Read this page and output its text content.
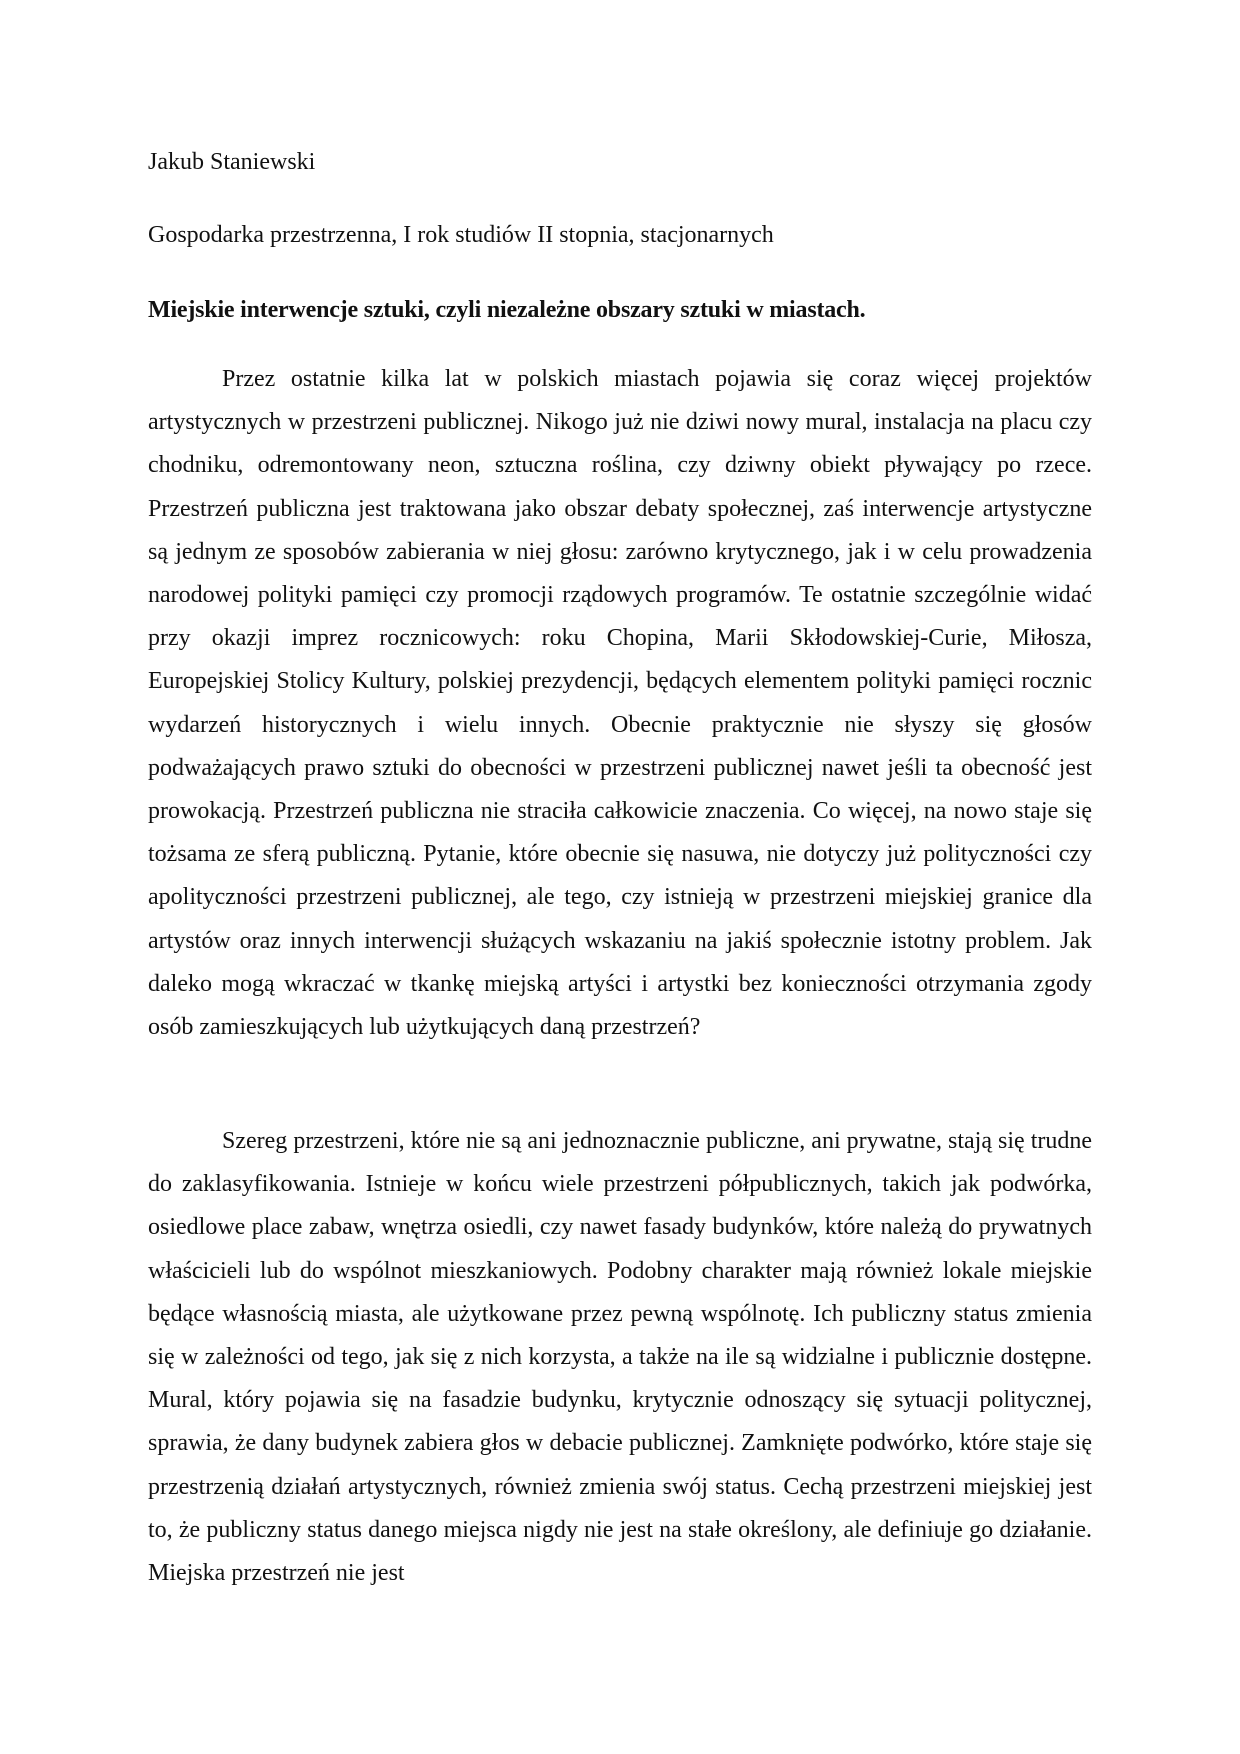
Jakub Staniewski
Gospodarka przestrzenna, I rok studiów II stopnia, stacjonarnych
Miejskie interwencje sztuki, czyli niezależne obszary sztuki w miastach.

Przez ostatnie kilka lat w polskich miastach pojawia się coraz więcej projektów artystycznych w przestrzeni publicznej. Nikogo już nie dziwi nowy mural, instalacja na placu czy chodniku, odremontowany neon, sztuczna roślina, czy dziwny obiekt pływający po rzece. Przestrzeń publiczna jest traktowana jako obszar debaty społecznej, zaś interwencje artystyczne są jednym ze sposobów zabierania w niej głosu: zarówno krytycznego, jak i w celu prowadzenia narodowej polityki pamięci czy promocji rządowych programów. Te ostatnie szczególnie widać przy okazji imprez rocznicowych: roku Chopina, Marii Skłodowskiej-Curie, Miłosza, Europejskiej Stolicy Kultury, polskiej prezydencji, będących elementem polityki pamięci rocznic wydarzeń historycznych i wielu innych. Obecnie praktycznie nie słyszy się głosów podważających prawo sztuki do obecności w przestrzeni publicznej nawet jeśli ta obecność jest prowokacją. Przestrzeń publiczna nie straciła całkowicie znaczenia. Co więcej, na nowo staje się tożsama ze sferą publiczną. Pytanie, które obecnie się nasuwa, nie dotyczy już polityczności czy apolityczności przestrzeni publicznej, ale tego, czy istnieją w przestrzeni miejskiej granice dla artystów oraz innych interwencji służących wskazaniu na jakiś społecznie istotny problem. Jak daleko mogą wkraczać w tkankę miejską artyści i artystki bez konieczności otrzymania zgody osób zamieszkujących lub użytkujących daną przestrzeń?

Szereg przestrzeni, które nie są ani jednoznacznie publiczne, ani prywatne, stają się trudne do zaklasyfikowania. Istnieje w końcu wiele przestrzeni półpublicznych, takich jak podwórka, osiedlowe place zabaw, wnętrza osiedli, czy nawet fasady budynków, które należą do prywatnych właścicieli lub do wspólnot mieszkaniowych. Podobny charakter mają również lokale miejskie będące własnością miasta, ale użytkowane przez pewną wspólnotę. Ich publiczny status zmienia się w zależności od tego, jak się z nich korzysta, a także na ile są widzialne i publicznie dostępne. Mural, który pojawia się na fasadzie budynku, krytycznie odnoszący się sytuacji politycznej, sprawia, że dany budynek zabiera głos w debacie publicznej. Zamknięte podwórko, które staje się przestrzenią działań artystycznych, również zmienia swój status. Cechą przestrzeni miejskiej jest to, że publiczny status danego miejsca nigdy nie jest na stałe określony, ale definiuje go działanie. Miejska przestrzeń nie jest
